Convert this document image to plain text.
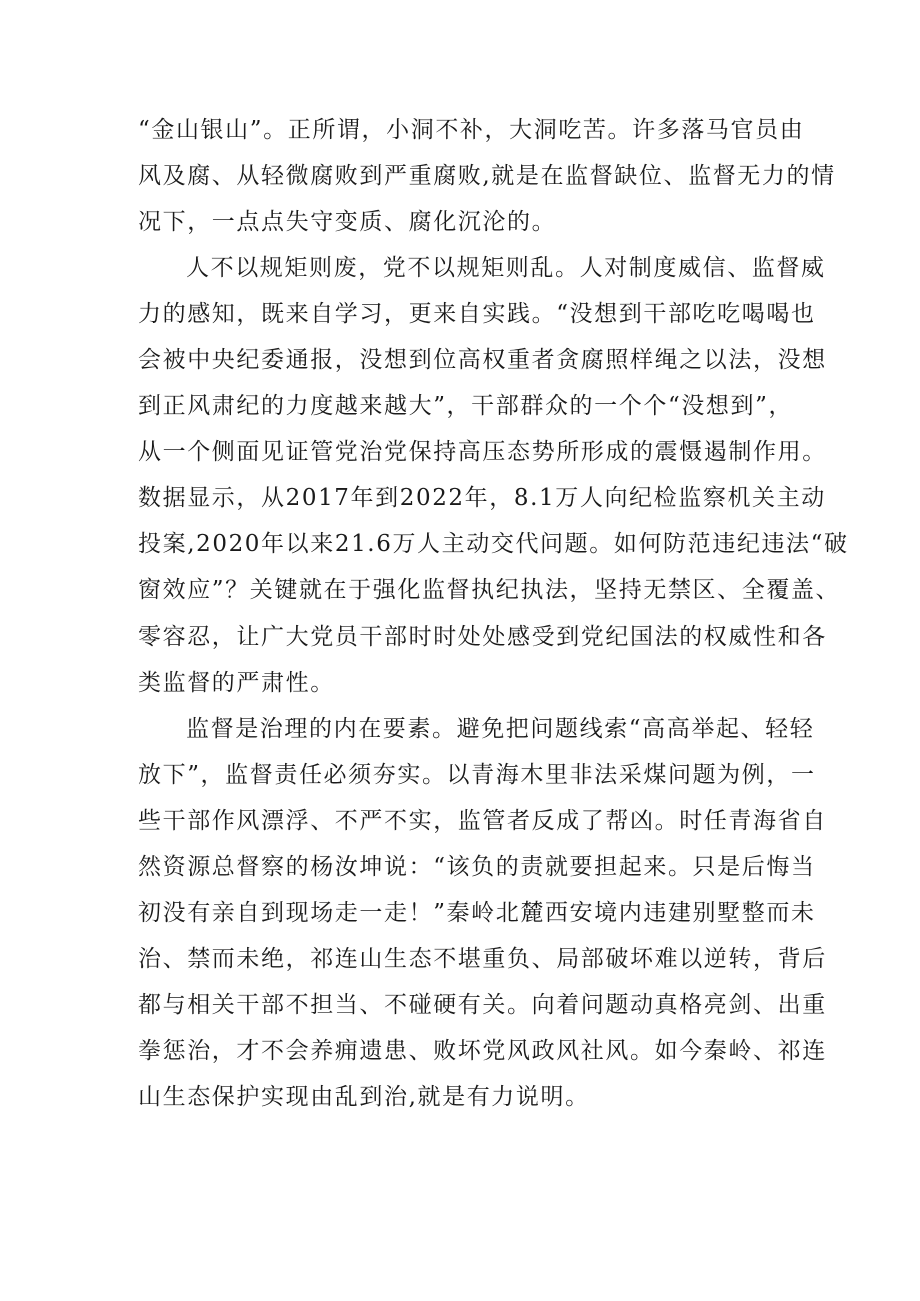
“金山银山”。正所谓，小洞不补，大洞吃苦。许多落马官员由
风及腐、从轻微腐败到严重腐败,就是在监督缺位、监督无力的情
况下，一点点失守变质、腐化沉沦的。
人不以规矩则废，党不以规矩则乱。人对制度威信、监督威
力的感知，既来自学习，更来自实践。“没想到干部吃吃喝喝也
会被中央纪委通报，没想到位高权重者贪腐照样绳之以法，没想
到正风肃纪的力度越来越大”，干部群众的一个个“没想到”，
从一个侧面见证管党治党保持高压态势所形成的震慑遏制作用。
数据显示，从2017年到2022年，8.1万人向纪检监察机关主动
投案,2020年以来21.6万人主动交代问题。如何防范违纪违法“破
窗效应”？关键就在于强化监督执纪执法，坚持无禁区、全覆盖、
零容忍，让广大党员干部时时处处感受到党纪国法的权威性和各
类监督的严肃性。
监督是治理的内在要素。避免把问题线索“高高举起、轻轻
放下”，监督责任必须夯实。以青海木里非法采煤问题为例，一
些干部作风漂浮、不严不实，监管者反成了帮凶。时任青海省自
然资源总督察的杨汝坤说：“该负的责就要担起来。只是后悔当
初没有亲自到现场走一走！”秦岭北麓西安境内违建别墅整而未
治、禁而未绝，祁连山生态不堪重负、局部破坏难以逆转，背后
都与相关干部不担当、不碰硬有关。向着问题动真格亮剑、出重
拳惩治，才不会养痈遗患、败坏党风政风社风。如今秦岭、祁连
山生态保护实现由乱到治,就是有力说明。
